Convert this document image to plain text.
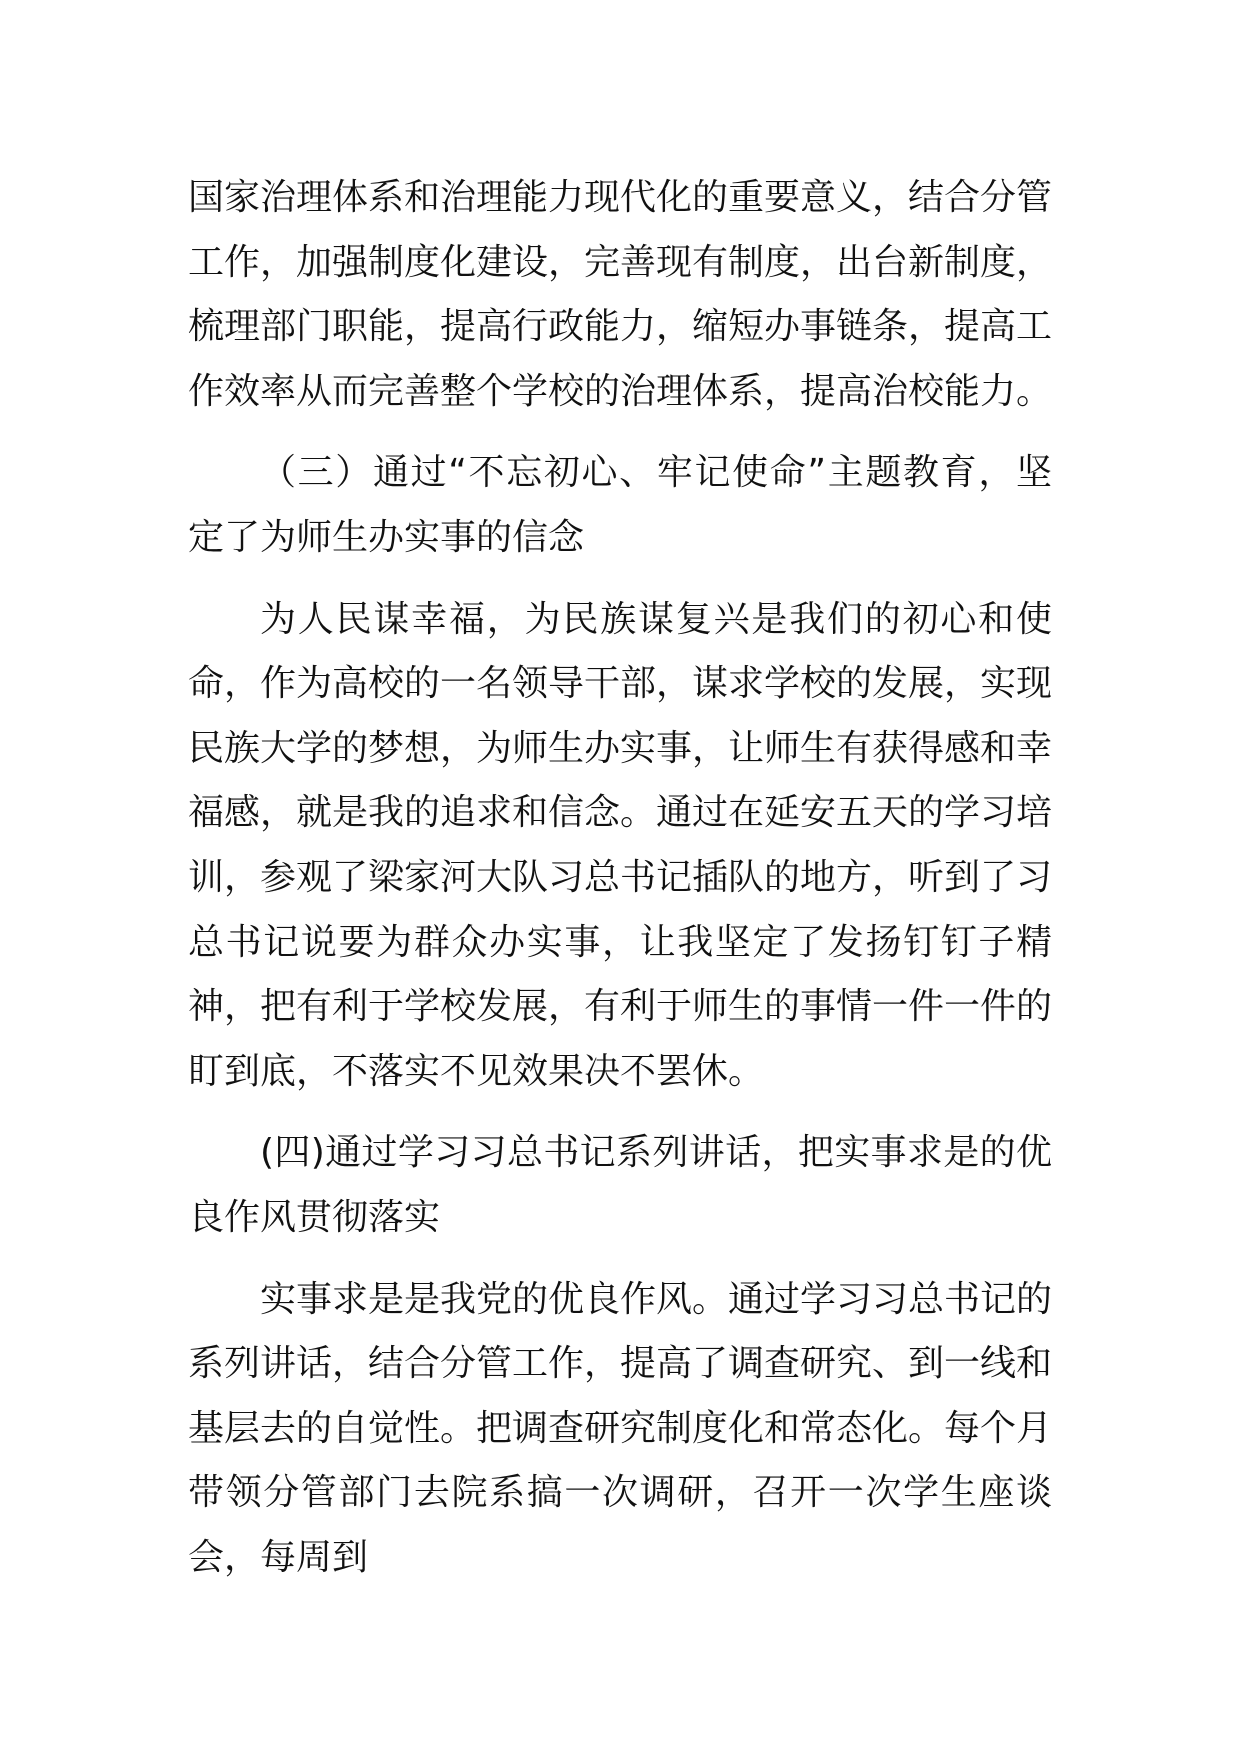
国家治理体系和治理能力现代化的重要意义，结合分管工作，加强制度化建设，完善现有制度，出台新制度，梳理部门职能，提高行政能力，缩短办事链条，提高工作效率从而完善整个学校的治理体系，提高治校能力。

（三）通过“不忘初心、牢记使命”主题教育，坚定了为师生办实事的信念

为人民谋幸福，为民族谋复兴是我们的初心和使命，作为高校的一名领导干部，谋求学校的发展，实现民族大学的梦想，为师生办实事，让师生有获得感和幸福感，就是我的追求和信念。通过在延安五天的学习培训，参观了梁家河大队习总书记插队的地方，听到了习总书记说要为群众办实事，让我坚定了发扬钉钉子精神，把有利于学校发展，有利于师生的事情一件一件的盯到底，不落实不见效果决不罢休。

(四)通过学习习总书记系列讲话，把实事求是的优良作风贯彻落实

实事求是是我党的优良作风。通过学习习总书记的系列讲话，结合分管工作，提高了调查研究、到一线和基层去的自觉性。把调查研究制度化和常态化。每个月带领分管部门去院系搞一次调研，召开一次学生座谈会，每周到
